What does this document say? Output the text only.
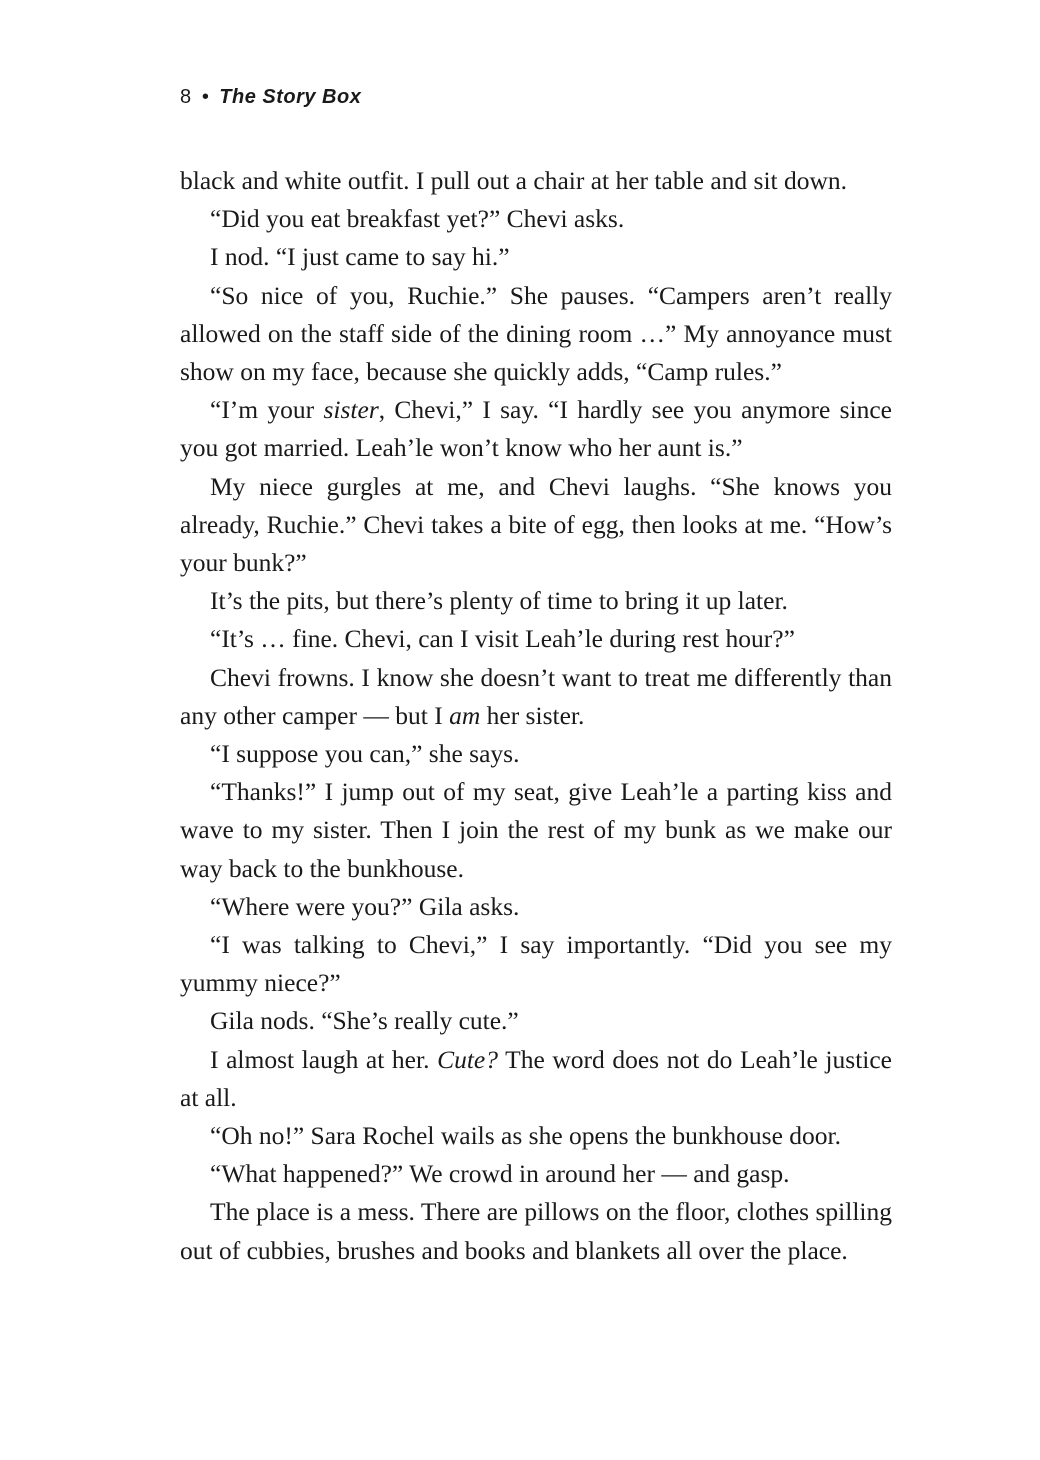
8 • The Story Box

black and white outfit. I pull out a chair at her table and sit down.

“Did you eat breakfast yet?” Chevi asks.

I nod. “I just came to say hi.”

“So nice of you, Ruchie.” She pauses. “Campers aren’t really allowed on the staff side of the dining room …” My annoyance must show on my face, because she quickly adds, “Camp rules.”

“I’m your sister, Chevi,” I say. “I hardly see you anymore since you got married. Leah’le won’t know who her aunt is.”

My niece gurgles at me, and Chevi laughs. “She knows you already, Ruchie.” Chevi takes a bite of egg, then looks at me. “How’s your bunk?”

It’s the pits, but there’s plenty of time to bring it up later.

“It’s … fine. Chevi, can I visit Leah’le during rest hour?”

Chevi frowns. I know she doesn’t want to treat me differently than any other camper — but I am her sister.

“I suppose you can,” she says.

“Thanks!” I jump out of my seat, give Leah’le a parting kiss and wave to my sister. Then I join the rest of my bunk as we make our way back to the bunkhouse.

“Where were you?” Gila asks.

“I was talking to Chevi,” I say importantly. “Did you see my yummy niece?”

Gila nods. “She’s really cute.”

I almost laugh at her. Cute? The word does not do Leah’le justice at all.

“Oh no!” Sara Rochel wails as she opens the bunkhouse door.

“What happened?” We crowd in around her — and gasp.

The place is a mess. There are pillows on the floor, clothes spilling out of cubbies, brushes and books and blankets all over the place.
